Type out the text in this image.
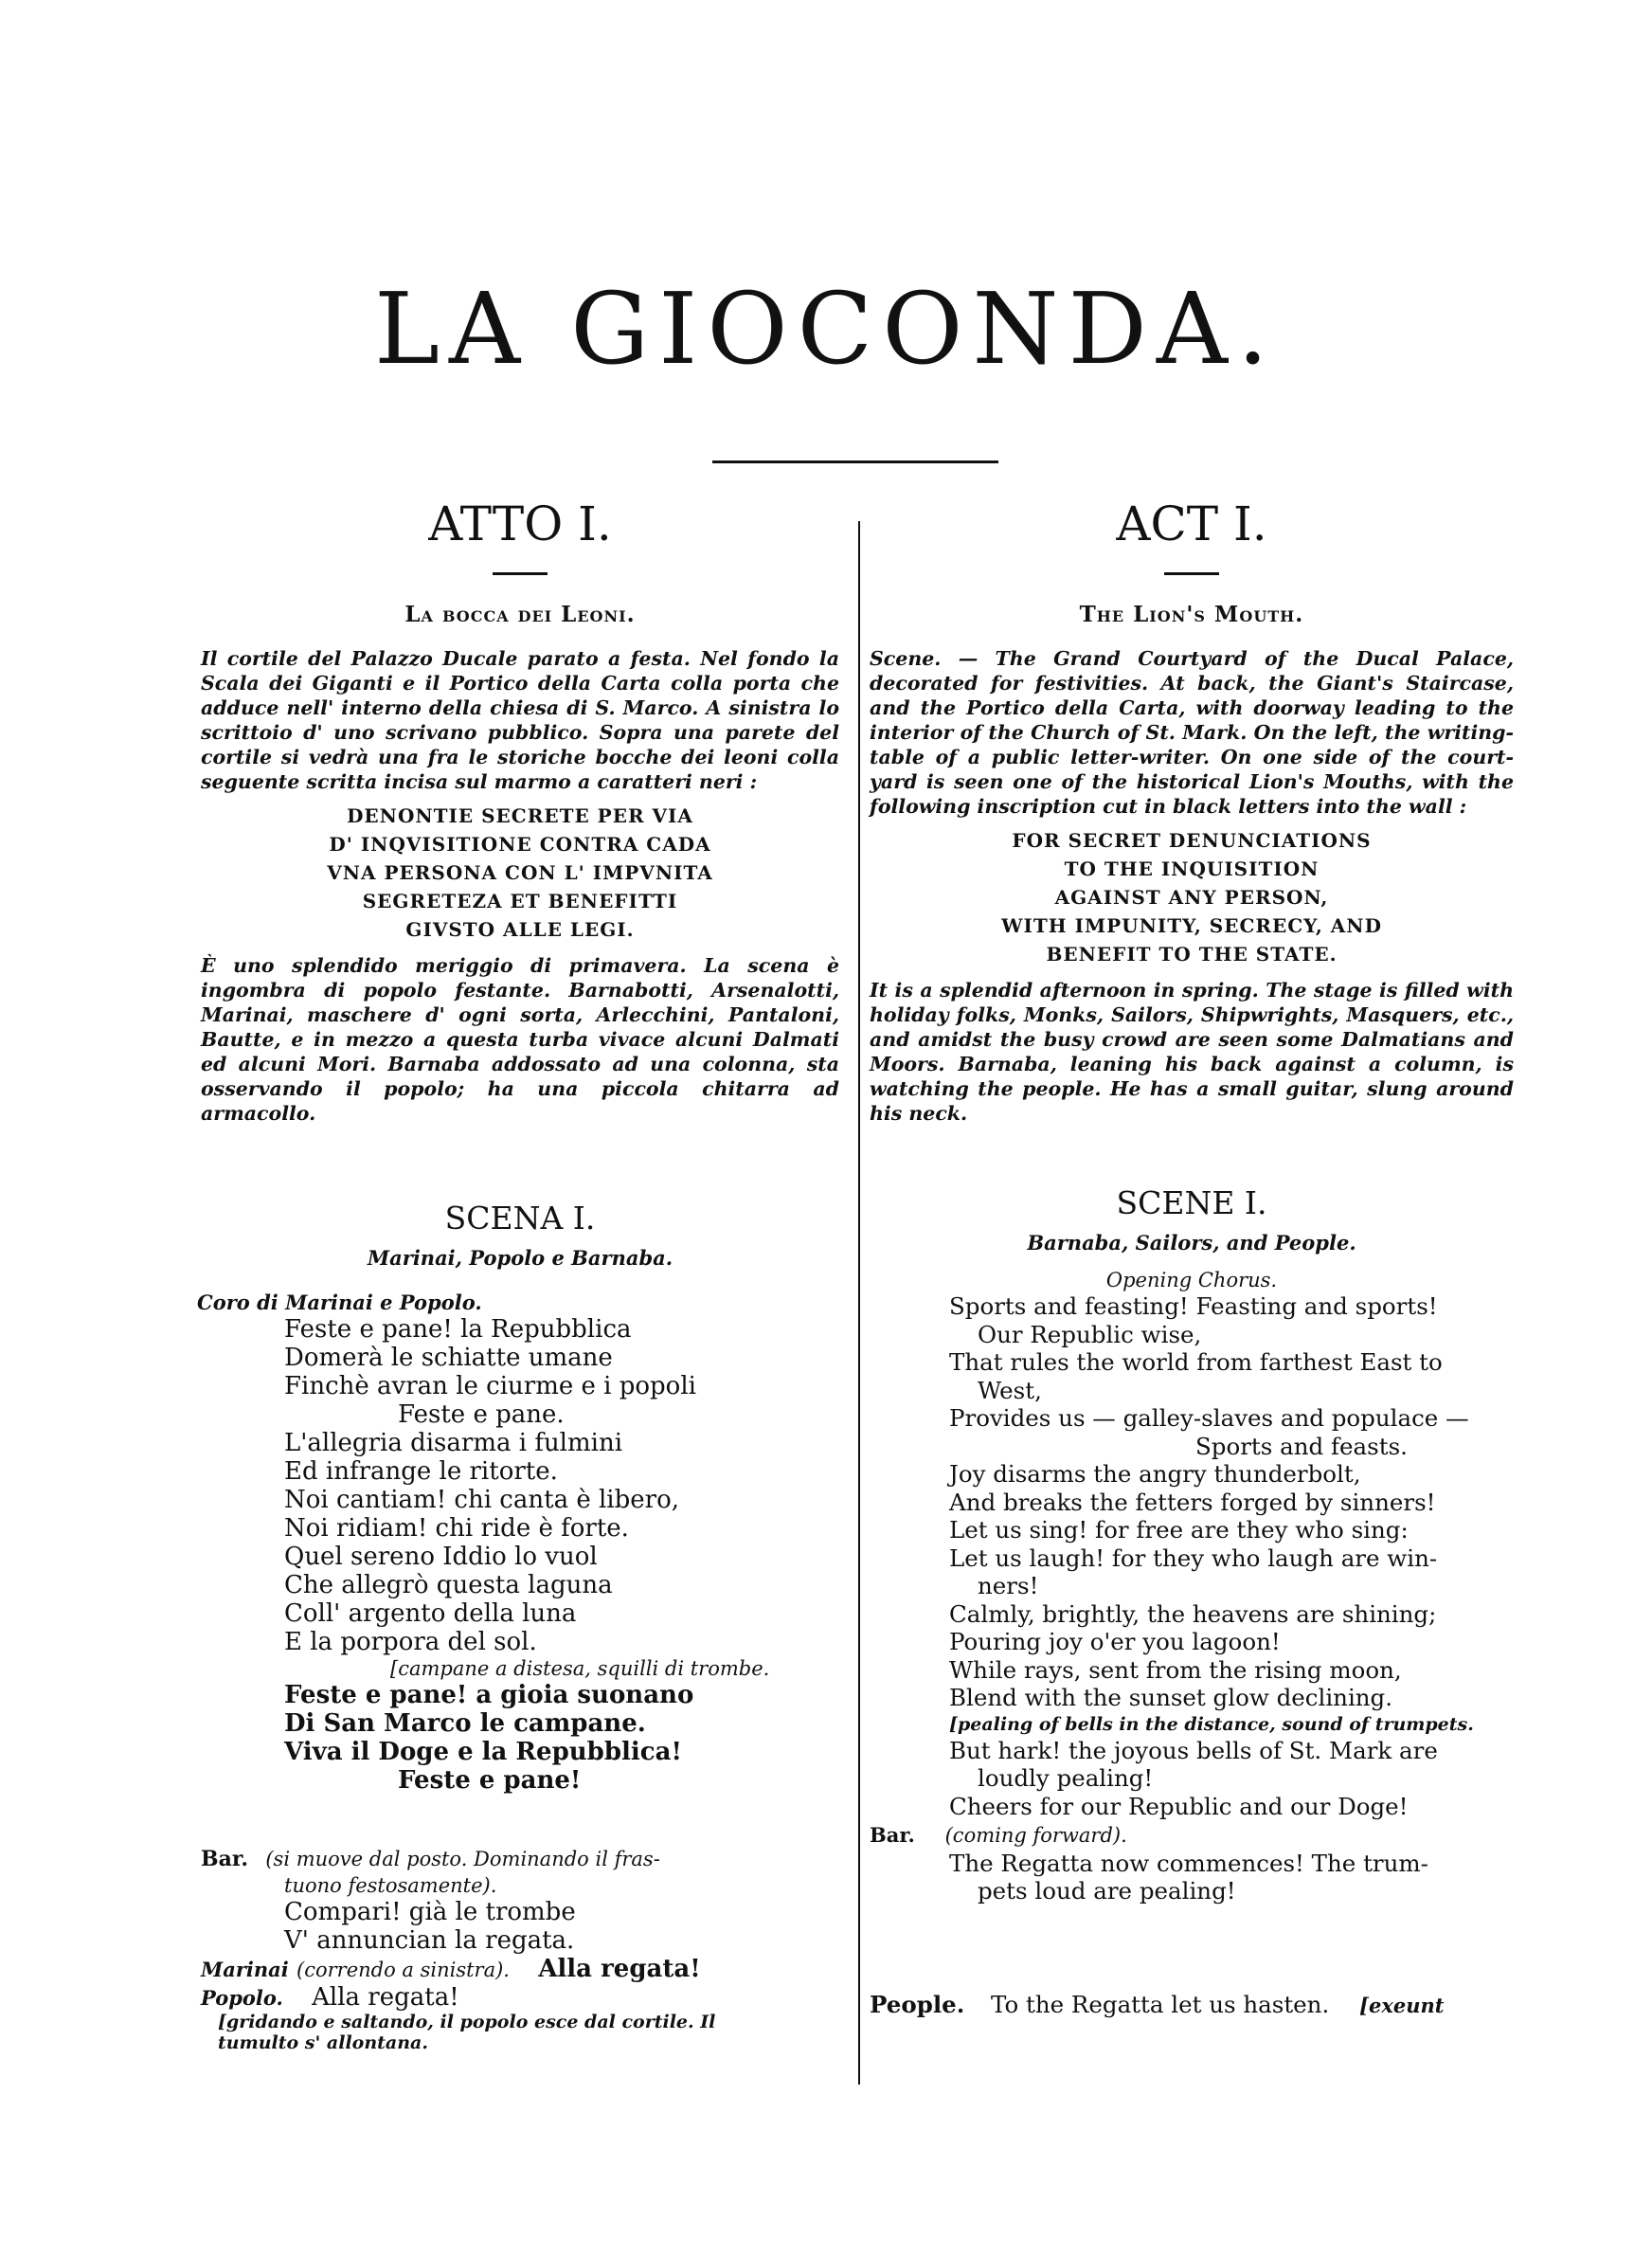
LA GIOCONDA.
ATTO I.

La bocca dei Leoni.

Il cortile del Palazzo Ducale parato a festa. Nel fondo la Scala dei Giganti e il Portico della Carta colla porta che adduce nell' interno della chiesa di S. Marco. A sinistra lo scrittoio d' uno scrivano pubblico. Sopra una parete del cortile si vedrà una fra le storiche bocche dei leoni colla seguente scritta incisa sul marmo a caratteri neri :

DENONTIE SECRETE PER VIA
D' INQVISITIONE CONTRA CADA
VNA PERSONA CON L' IMPVNITA
SEGRETEZA ET BENEFITTI
GIVSTO ALLE LEGI.

È uno splendido meriggio di primavera. La scena è ingombra di popolo festante. Barnabotti, Arsenalotti, Marinai, maschere d' ogni sorta, Arlecchini, Pantaloni, Bautte, e in mezzo a questa turba vivace alcuni Dalmati ed alcuni Mori. Barnaba addossato ad una colonna, sta osservando il popolo; ha una piccola chitarra ad armacollo.

SCENA I.

Marinai, Popolo e Barnaba.

Coro di Marinai e Popolo.
Feste e pane! la Repubblica
Domerà le schiatte umane
Finchè avran le ciurme e i popoli
Feste e pane.
L'allegria disarma i fulmini
Ed infrange le ritorte.
Noi cantiam! chi canta è libero,
Noi ridiam! chi ride è forte.
Quel sereno Iddio lo vuol
Che allegrò questa laguna
Coll' argento della luna
E la porpora del sol.
[campane a distesa, squilli di trombe.
Feste e pane! a gioia suonano
Di San Marco le campane.
Viva il Doge e la Repubblica!
Feste e pane!
Bar. (si muove dal posto. Dominando il fras-
tuono festosamente).
Compari! già le trombe
V' annuncian la regata.
Marinai (correndo a sinistra). Alla regata!
Popolo. Alla regata!
[gridando e saltando, il popolo esce dal cortile. Il
tumulto s' allontana.
ACT I.

The Lion's Mouth.

Scene. — The Grand Courtyard of the Ducal Palace, decorated for festivities. At back, the Giant's Staircase, and the Portico della Carta, with doorway leading to the interior of the Church of St. Mark. On the left, the writing-table of a public letter-writer. On one side of the court-yard is seen one of the historical Lion's Mouths, with the following inscription cut in black letters into the wall :

FOR SECRET DENUNCIATIONS
TO THE INQUISITION
AGAINST ANY PERSON,
WITH IMPUNITY, SECRECY, AND
BENEFIT TO THE STATE.

It is a splendid afternoon in spring. The stage is filled with holiday folks, Monks, Sailors, Shipwrights, Masquers, etc., and amidst the busy crowd are seen some Dalmatians and Moors. Barnaba, leaning his back against a column, is watching the people. He has a small guitar, slung around his neck.

SCENE I.

Barnaba, Sailors, and People.

Opening Chorus.
Sports and feasting! Feasting and sports!
Our Republic wise,
That rules the world from farthest East to
West,
Provides us — galley-slaves and populace —
Sports and feasts.
Joy disarms the angry thunderbolt,
And breaks the fetters forged by sinners!
Let us sing! for free are they who sing:
Let us laugh! for they who laugh are win-
ners!
Calmly, brightly, the heavens are shining;
Pouring joy o'er you lagoon!
While rays, sent from the rising moon,
Blend with the sunset glow declining.
[pealing of bells in the distance, sound of trumpets.
But hark! the joyous bells of St. Mark are
loudly pealing!
Cheers for our Republic and our Doge!
Bar. (coming forward).
The Regatta now commences! The trum-
pets loud are pealing!
People. To the Regatta let us hasten. [exeunt
